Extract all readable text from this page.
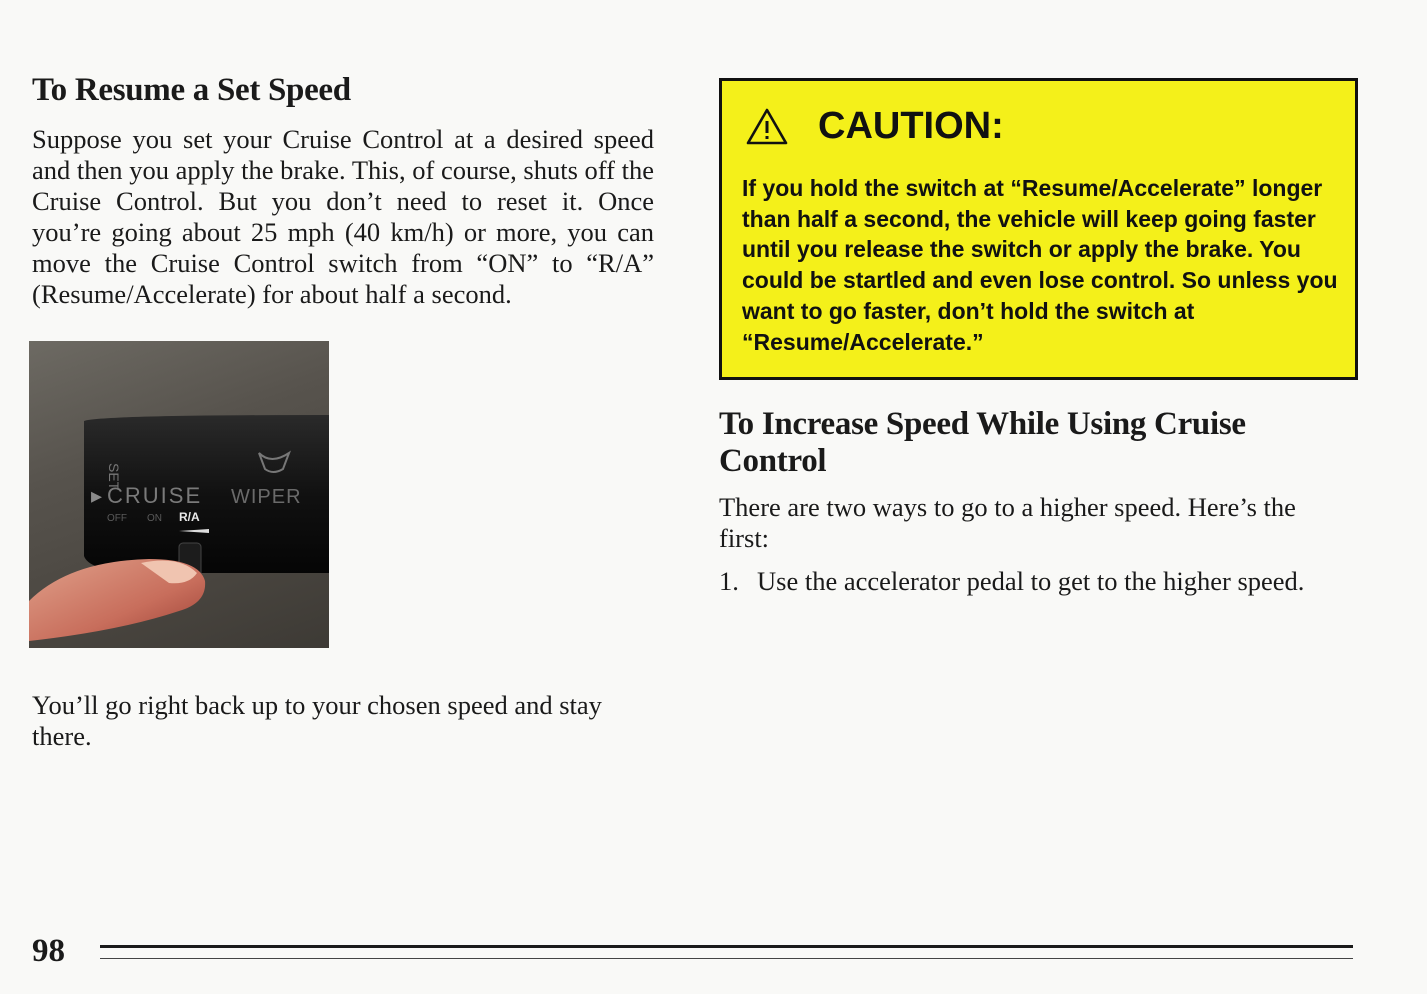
To Resume a Set Speed

Suppose you set your Cruise Control at a desired speed and then you apply the brake. This, of course, shuts off the Cruise Control. But you don’t need to reset it. Once you’re going about 25 mph (40 km/h) or more, you can move the Cruise Control switch from “ON” to “R/A” (Resume/Accelerate) for about half a second.

SET
▸ CRUISE WIPER
OFF ON R/A

You’ll go right back up to your chosen speed and stay there.

CAUTION:

If you hold the switch at “Resume/Accelerate” longer than half a second, the vehicle will keep going faster until you release the switch or apply the brake. You could be startled and even lose control. So unless you want to go faster, don’t hold the switch at “Resume/Accelerate.”

To Increase Speed While Using Cruise Control

There are two ways to go to a higher speed. Here’s the first:

1. Use the accelerator pedal to get to the higher speed.
98
